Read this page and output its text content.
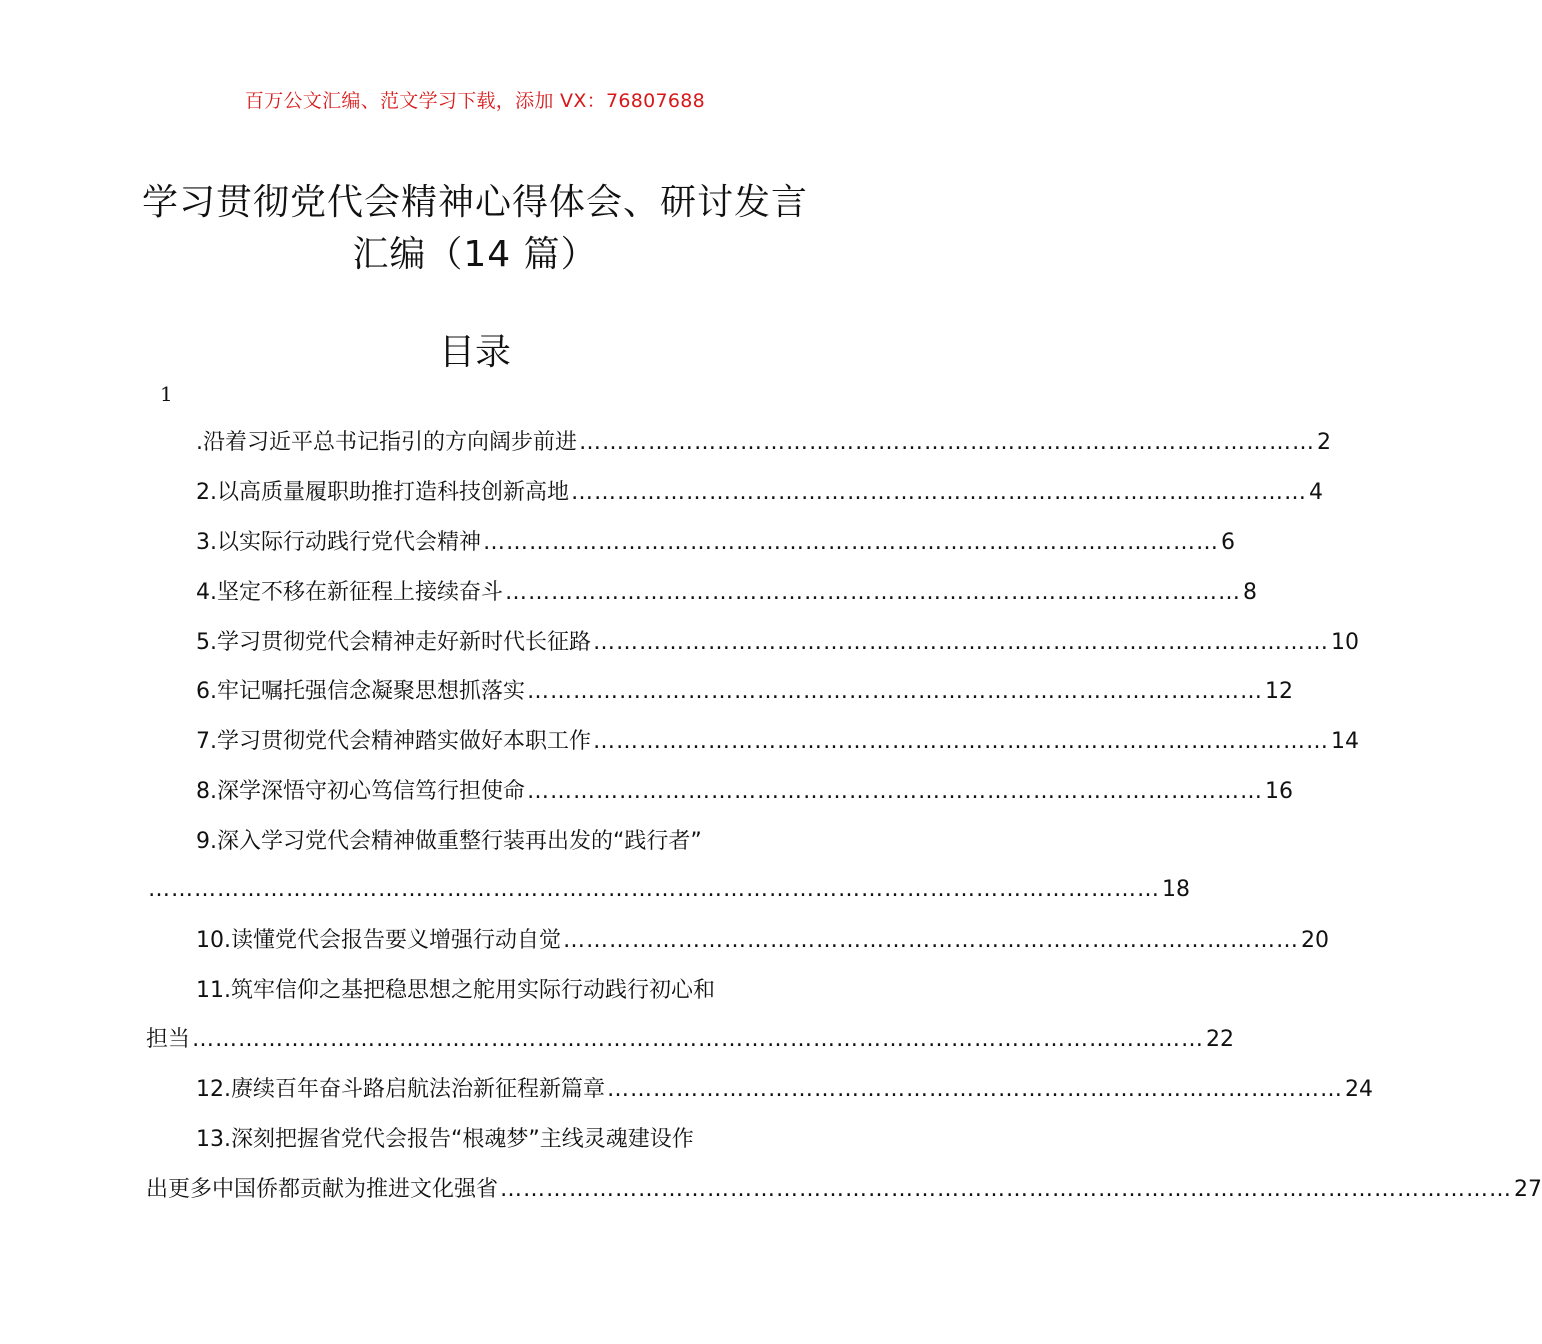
百万公文汇编、范文学习下载，添加 VX：76807688
学习贯彻党代会精神心得体会、研讨发言
汇编（14 篇）
目录
1
.沿着习近平总书记指引的方向阔步前进 …………………………………………………………………………………… 2
2.以高质量履职助推打造科技创新高地 …………………………………………………………………………………… 4
3.以实际行动践行党代会精神 …………………………………………………………………………………… 6
4.坚定不移在新征程上接续奋斗 …………………………………………………………………………………… 8
5.学习贯彻党代会精神走好新时代长征路 …………………………………………………………………………………… 10
6.牢记嘱托强信念凝聚思想抓落实 …………………………………………………………………………………… 12
7.学习贯彻党代会精神踏实做好本职工作 …………………………………………………………………………………… 14
8.深学深悟守初心笃信笃行担使命 …………………………………………………………………………………… 16
9.深入学习党代会精神做重整行装再出发的“践行者”
…………………………………………………………………………………………………………………… 18
10.读懂党代会报告要义增强行动自觉 …………………………………………………………………………………… 20
11.筑牢信仰之基把稳思想之舵用实际行动践行初心和
担当 …………………………………………………………………………………………………………………… 22
12.赓续百年奋斗路启航法治新征程新篇章 …………………………………………………………………………………… 24
13.深刻把握省党代会报告“根魂梦”主线灵魂建设作
出更多中国侨都贡献为推进文化强省 …………………………………………………………………………………………………………………… 27
